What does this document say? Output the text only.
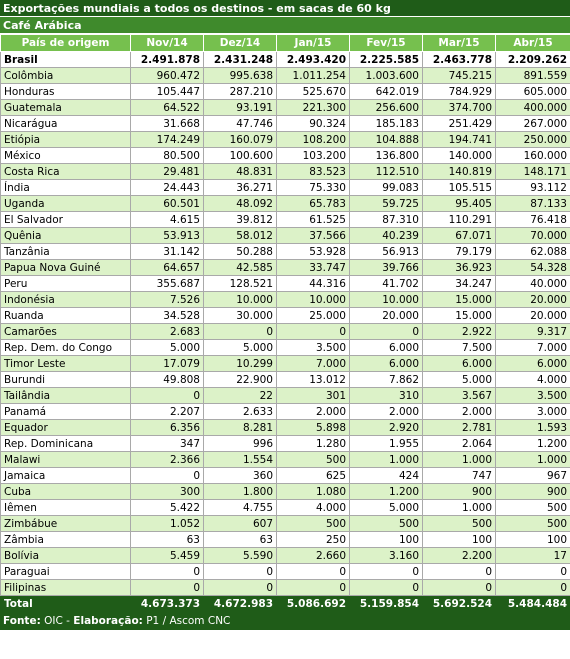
Exportações mundiais a todos os destinos - em sacas de 60 kg
Café Arábica
País de origem	Nov/14	Dez/14	Jan/15	Fev/15	Mar/15	Abr/15
Brasil	2.491.878	2.431.248	2.493.420	2.225.585	2.463.778	2.209.262
Colômbia	960.472	995.638	1.011.254	1.003.600	745.215	891.559
Honduras	105.447	287.210	525.670	642.019	784.929	605.000
Guatemala	64.522	93.191	221.300	256.600	374.700	400.000
Nicarágua	31.668	47.746	90.324	185.183	251.429	267.000
Etiópia	174.249	160.079	108.200	104.888	194.741	250.000
México	80.500	100.600	103.200	136.800	140.000	160.000
Costa Rica	29.481	48.831	83.523	112.510	140.819	148.171
Índia	24.443	36.271	75.330	99.083	105.515	93.112
Uganda	60.501	48.092	65.783	59.725	95.405	87.133
El Salvador	4.615	39.812	61.525	87.310	110.291	76.418
Quênia	53.913	58.012	37.566	40.239	67.071	70.000
Tanzânia	31.142	50.288	53.928	56.913	79.179	62.088
Papua Nova Guiné	64.657	42.585	33.747	39.766	36.923	54.328
Peru	355.687	128.521	44.316	41.702	34.247	40.000
Indonésia	7.526	10.000	10.000	10.000	15.000	20.000
Ruanda	34.528	30.000	25.000	20.000	15.000	20.000
Camarões	2.683	0	0	0	2.922	9.317
Rep. Dem. do Congo	5.000	5.000	3.500	6.000	7.500	7.000
Timor Leste	17.079	10.299	7.000	6.000	6.000	6.000
Burundi	49.808	22.900	13.012	7.862	5.000	4.000
Tailândia	0	22	301	310	3.567	3.500
Panamá	2.207	2.633	2.000	2.000	2.000	3.000
Equador	6.356	8.281	5.898	2.920	2.781	1.593
Rep. Dominicana	347	996	1.280	1.955	2.064	1.200
Malawi	2.366	1.554	500	1.000	1.000	1.000
Jamaica	0	360	625	424	747	967
Cuba	300	1.800	1.080	1.200	900	900
Iêmen	5.422	4.755	4.000	5.000	1.000	500
Zimbábue	1.052	607	500	500	500	500
Zâmbia	63	63	250	100	100	100
Bolívia	5.459	5.590	2.660	3.160	2.200	17
Paraguai	0	0	0	0	0	0
Filipinas	0	0	0	0	0	0
Total	4.673.373	4.672.983	5.086.692	5.159.854	5.692.524	5.484.484
Fonte: OIC - Elaboração: P1 / Ascom CNC
